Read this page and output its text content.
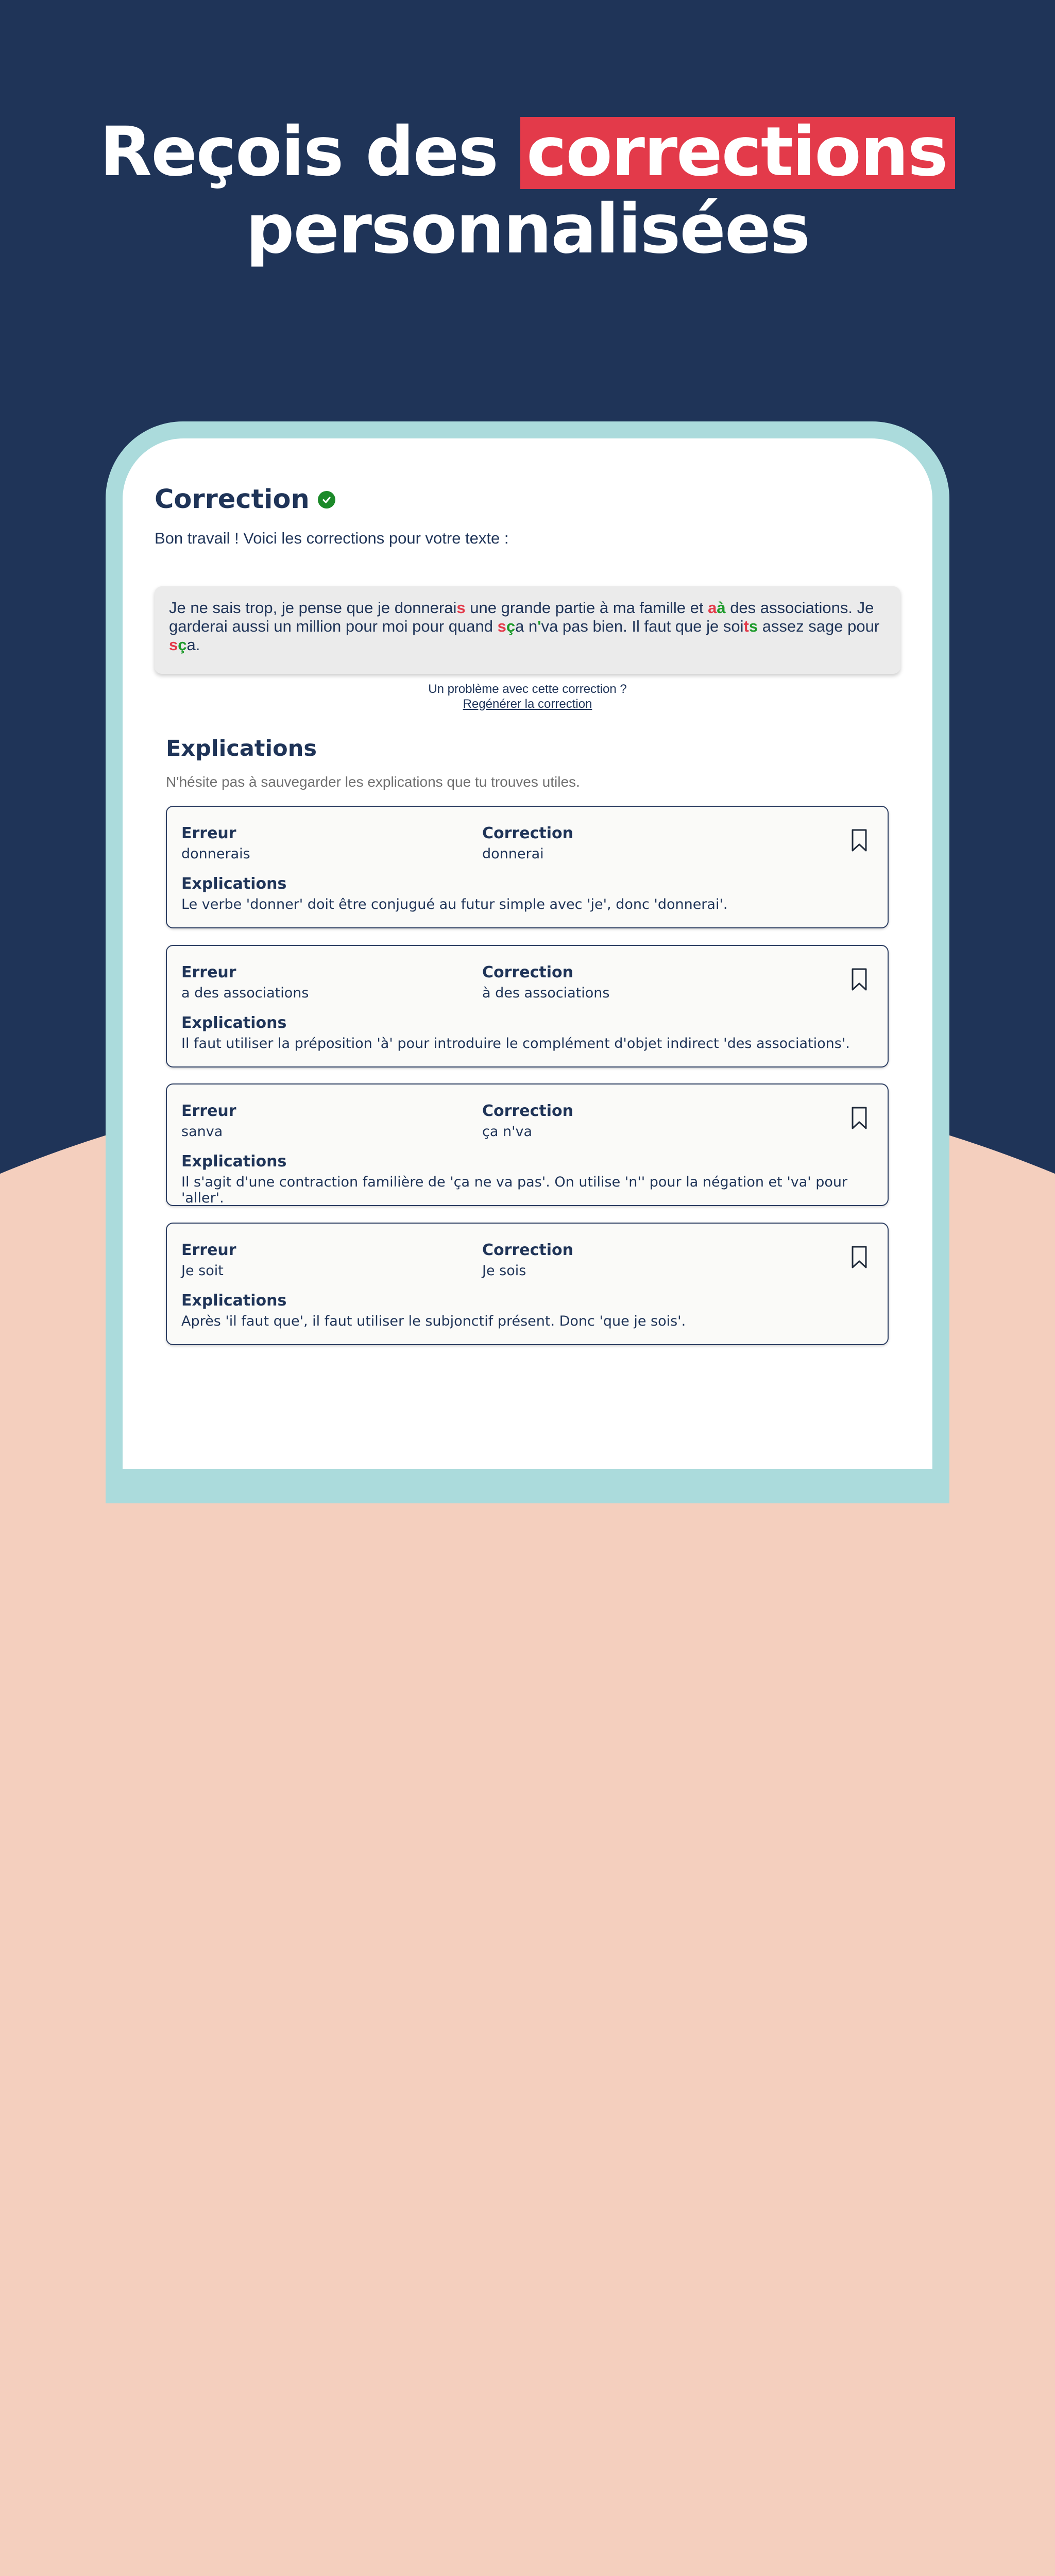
Reçois des corrections
personnalisées
Correction
Bon travail ! Voici les corrections pour votre texte :
Je ne sais trop, je pense que je donnerais une grande partie à ma famille et aà des associations. Je garderai aussi un million pour moi pour quand sça n'va pas bien. Il faut que je soits assez sage pour sça.
Un problème avec cette correction ?
Regénérer la correction
Explications
N'hésite pas à sauvegarder les explications que tu trouves utiles.
Erreur
donnerais
Correction
donnerai
Explications
Le verbe 'donner' doit être conjugué au futur simple avec 'je', donc 'donnerai'.
Erreur
a des associations
Correction
à des associations
Explications
Il faut utiliser la préposition 'à' pour introduire le complément d'objet indirect 'des associations'.
Erreur
sanva
Correction
ça n'va
Explications
Il s'agit d'une contraction familière de 'ça ne va pas'. On utilise 'n'' pour la négation et 'va' pour 'aller'.
Erreur
Je soit
Correction
Je sois
Explications
Après 'il faut que', il faut utiliser le subjonctif présent. Donc 'que je sois'.
